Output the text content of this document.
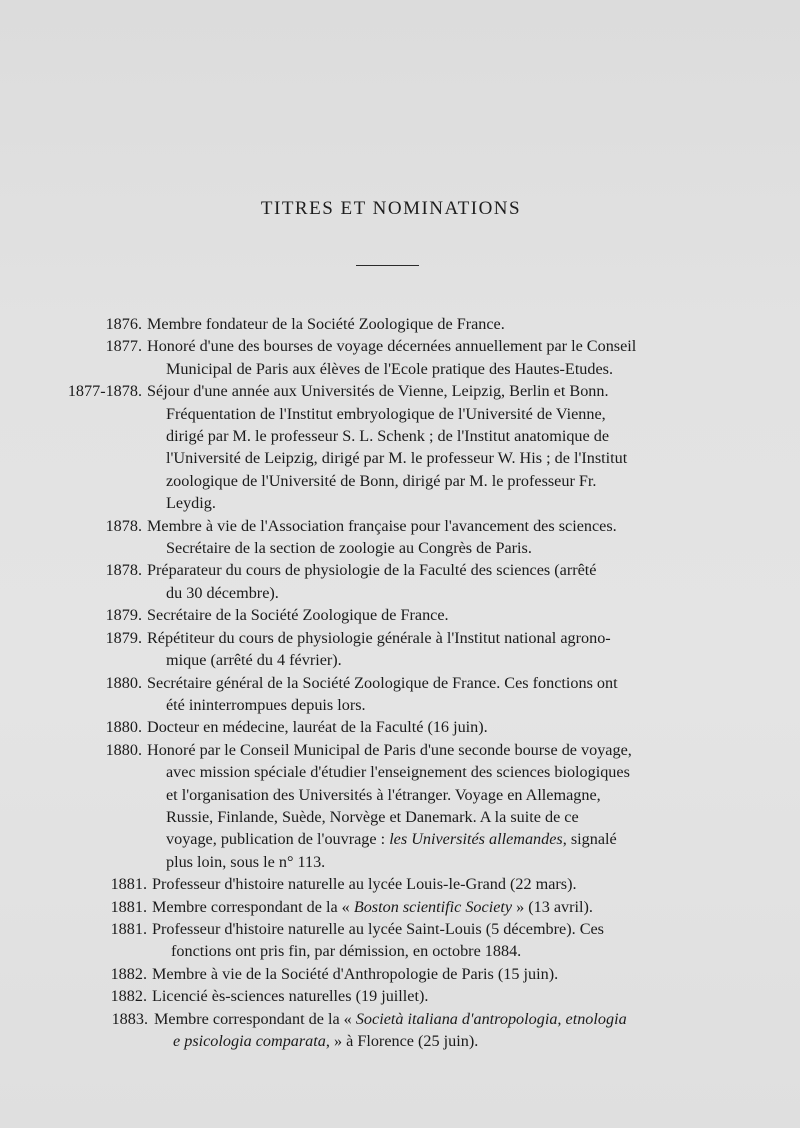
TITRES ET NOMINATIONS
1876. Membre fondateur de la Société Zoologique de France.
1877. Honoré d'une des bourses de voyage décernées annuellement par le Conseil
Municipal de Paris aux élèves de l'Ecole pratique des Hautes-Etudes.
1877-1878. Séjour d'une année aux Universités de Vienne, Leipzig, Berlin et Bonn.
Fréquentation de l'Institut embryologique de l'Université de Vienne,
dirigé par M. le professeur S. L. Schenk ; de l'Institut anatomique de
l'Université de Leipzig, dirigé par M. le professeur W. His ; de l'Institut
zoologique de l'Université de Bonn, dirigé par M. le professeur Fr.
Leydig.
1878. Membre à vie de l'Association française pour l'avancement des sciences.
Secrétaire de la section de zoologie au Congrès de Paris.
1878. Préparateur du cours de physiologie de la Faculté des sciences (arrêté
du 30 décembre).
1879. Secrétaire de la Société Zoologique de France.
1879. Répétiteur du cours de physiologie générale à l'Institut national agrono-
mique (arrêté du 4 février).
1880. Secrétaire général de la Société Zoologique de France. Ces fonctions ont
été ininterrompues depuis lors.
1880. Docteur en médecine, lauréat de la Faculté (16 juin).
1880. Honoré par le Conseil Municipal de Paris d'une seconde bourse de voyage,
avec mission spéciale d'étudier l'enseignement des sciences biologiques
et l'organisation des Universités à l'étranger. Voyage en Allemagne,
Russie, Finlande, Suède, Norvège et Danemark. A la suite de ce
voyage, publication de l'ouvrage : les Universités allemandes, signalé
plus loin, sous le n° 113.
1881. Professeur d'histoire naturelle au lycée Louis-le-Grand (22 mars).
1881. Membre correspondant de la « Boston scientific Society » (13 avril).
1881. Professeur d'histoire naturelle au lycée Saint-Louis (5 décembre). Ces
fonctions ont pris fin, par démission, en octobre 1884.
1882. Membre à vie de la Société d'Anthropologie de Paris (15 juin).
1882. Licencié ès-sciences naturelles (19 juillet).
1883. Membre correspondant de la « Società italiana d'antropologia, etnologia
e psicologia comparata, » à Florence (25 juin).
